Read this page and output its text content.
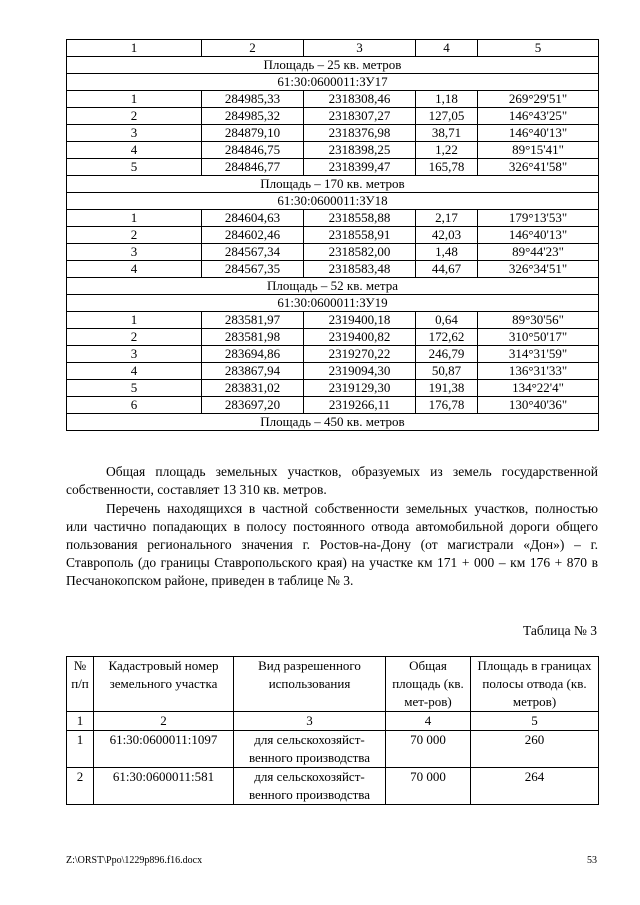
1	2	3	4	5
Площадь – 25 кв. метров				
61:30:0600011:ЗУ17				
1	284985,33	2318308,46	1,18	269°29'51"
2	284985,32	2318307,27	127,05	146°43'25"
3	284879,10	2318376,98	38,71	146°40'13"
4	284846,75	2318398,25	1,22	89°15'41"
5	284846,77	2318399,47	165,78	326°41'58"
Площадь – 170 кв. метров				
61:30:0600011:ЗУ18				
1	284604,63	2318558,88	2,17	179°13'53"
2	284602,46	2318558,91	42,03	146°40'13"
3	284567,34	2318582,00	1,48	89°44'23"
4	284567,35	2318583,48	44,67	326°34'51"
Площадь – 52 кв. метра				
61:30:0600011:ЗУ19				
1	283581,97	2319400,18	0,64	89°30'56"
2	283581,98	2319400,82	172,62	310°50'17"
3	283694,86	2319270,22	246,79	314°31'59"
4	283867,94	2319094,30	50,87	136°31'33"
5	283831,02	2319129,30	191,38	134°22'4"
6	283697,20	2319266,11	176,78	130°40'36"
Площадь – 450 кв. метров				

Общая площадь земельных участков, образуемых из земель государственной собственности, составляет 13 310 кв. метров.

Перечень находящихся в частной собственности земельных участков, полностью или частично попадающих в полосу постоянного отвода автомобильной дороги общего пользования регионального значения г. Ростов-на-Дону (от магистрали «Дон») – г. Ставрополь (до границы Ставропольского края) на участке км 171 + 000 – км 176 + 870 в Песчанокопском районе, приведен в таблице № 3.

Таблица № 3
№ п/п	Кадастровый номер земельного участка	Вид разрешенного использования	Общая площадь (кв. мет-ров)	Площадь в границах полосы отвода (кв. метров)
1	2	3	4	5
1	61:30:0600011:1097	для сельскохозяйст-венного производства	70 000	260
2	61:30:0600011:581	для сельскохозяйст-венного производства	70 000	264
Z:\ORST\Ppo\1229p896.f16.docx	53
